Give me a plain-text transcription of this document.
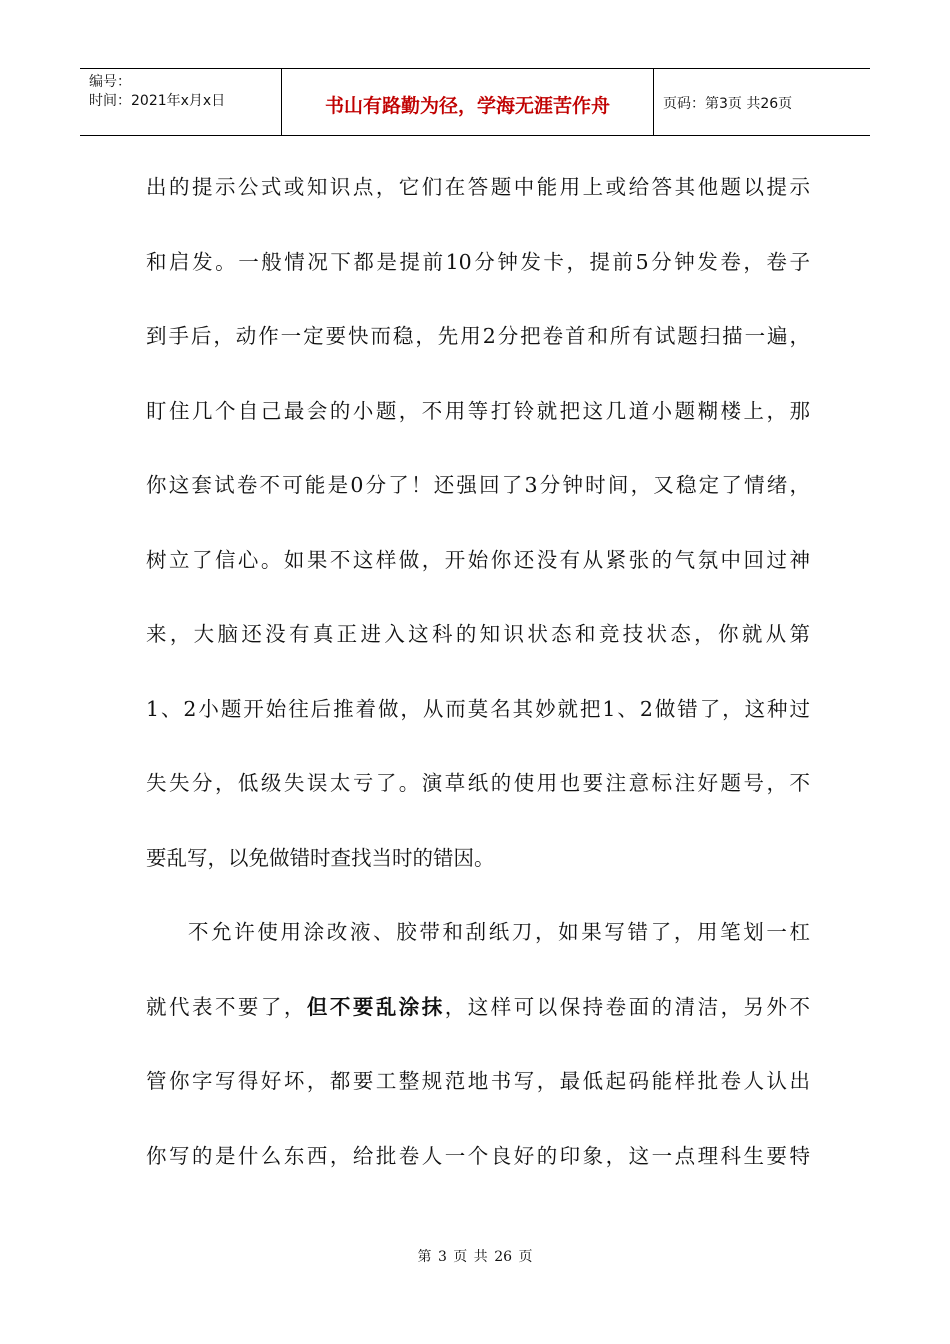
编号：
时间：2021年x月x日	书山有路勤为径，学海无涯苦作舟	页码：第3页 共26页
出的提示公式或知识点，它们在答题中能用上或给答其他题以提示
和启发。一般情况下都是提前10分钟发卡，提前5分钟发卷，卷子
到手后，动作一定要快而稳，先用2分把卷首和所有试题扫描一遍，
盯住几个自己最会的小题，不用等打铃就把这几道小题糊楼上，那
你这套试卷不可能是0分了！还强回了3分钟时间，又稳定了情绪，
树立了信心。如果不这样做，开始你还没有从紧张的气氛中回过神
来，大脑还没有真正进入这科的知识状态和竞技状态，你就从第
1、2小题开始往后推着做，从而莫名其妙就把1、2做错了，这种过
失失分，低级失误太亏了。演草纸的使用也要注意标注好题号，不
要乱写，以免做错时查找当时的错因。
不允许使用涂改液、胶带和刮纸刀，如果写错了，用笔划一杠
就代表不要了，但不要乱涂抹，这样可以保持卷面的清洁，另外不
管你字写得好坏，都要工整规范地书写，最低起码能样批卷人认出
你写的是什么东西，给批卷人一个良好的印象，这一点理科生要特
第 3 页 共 26 页
